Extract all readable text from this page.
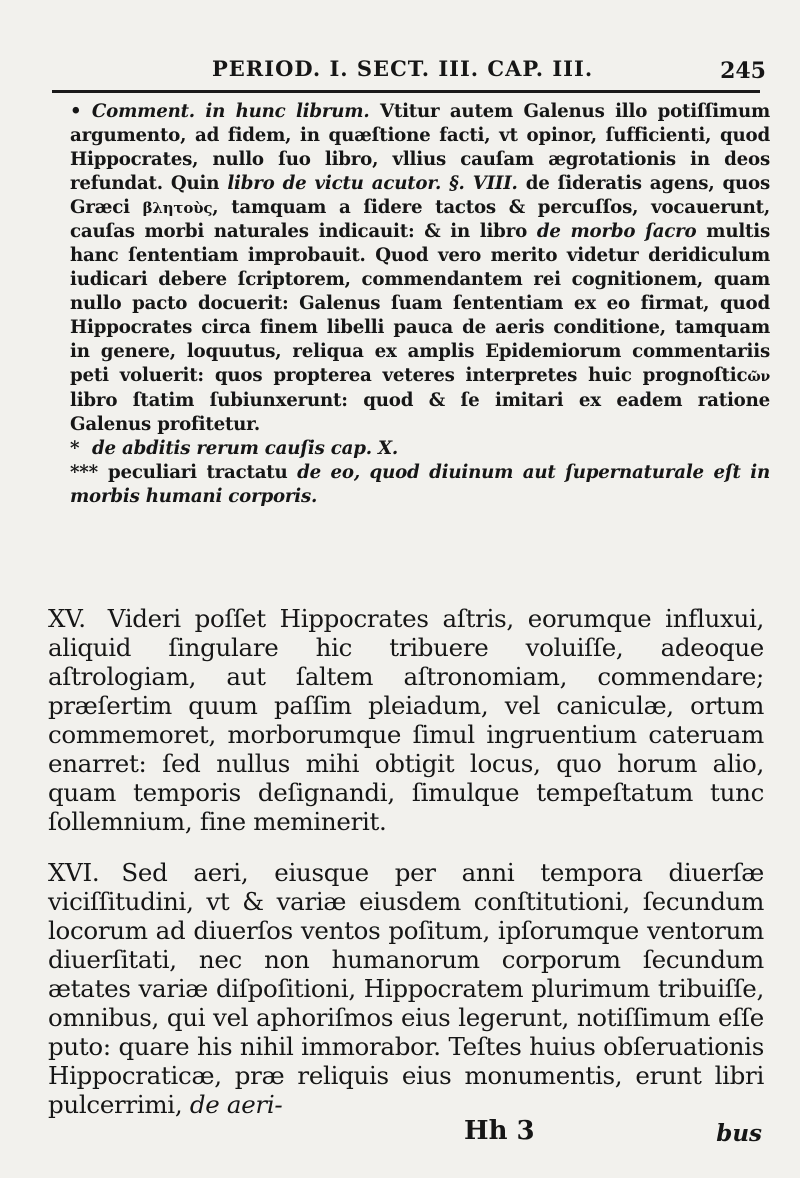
PERIOD. I. SECT. III. CAP. III.	245

• Comment. in hunc librum. Vtitur autem Galenus illo potiſſimum argumento, ad fidem, in quæſtione facti, vt opinor, ſufficienti, quod Hippocrates, nullo ſuo libro, vllius cauſam ægrotationis in deos refundat. Quin libro de victu acutor. §. VIII. de ſideratis agens, quos Græci βλητοὺς, tamquam a ſidere tactos & percuſſos, vocauerunt, cauſas morbi naturales indicauit: & in libro de morbo ſacro multis hanc ſententiam improbauit. Quod vero merito videtur deridiculum iudicari debere ſcriptorem, commendantem rei cognitionem, quam nullo pacto docuerit: Galenus ſuam ſententiam ex eo firmat, quod Hippocrates circa finem libelli pauca de aeris conditione, tamquam in genere, loquutus, reliqua ex amplis Epidemiorum commentariis peti voluerit: quos propterea veteres interpretes huic prognoſticῶν libro ſtatim ſubiunxerunt: quod & ſe imitari ex eadem ratione Galenus profitetur.

* de abditis rerum cauſis cap. X.

*** peculiari tractatu de eo, quod diuinum aut ſupernaturale eſt in morbis humani corporis.

XV. Videri poſſet Hippocrates aſtris, eorumque influxui, aliquid ſingulare hic tribuere voluiſſe, adeoque aſtrologiam, aut ſaltem aſtronomiam, commendare; præſertim quum paſſim pleiadum, vel caniculæ, ortum commemoret, morborumque ſimul ingruentium cateruam enarret: ſed nullus mihi obtigit locus, quo horum alio, quam temporis deſignandi, ſimulque tempeſtatum tunc ſollemnium, fine meminerit.

XVI. Sed aeri, eiusque per anni tempora diuerſæ viciſſitudini, vt & variæ eiusdem conſtitutioni, ſecundum locorum ad diuerſos ventos poſitum, ipſorumque ventorum diuerſitati, nec non humanorum corporum ſecundum ætates variæ diſpoſitioni, Hippocratem plurimum tribuiſſe, omnibus, qui vel aphoriſmos eius legerunt, notiſſimum eſſe puto: quare his nihil immorabor. Teſtes huius obſeruationis Hippocraticæ, præ reliquis eius monumentis, erunt libri pulcerrimi, de aeri-

Hh 3	bus
